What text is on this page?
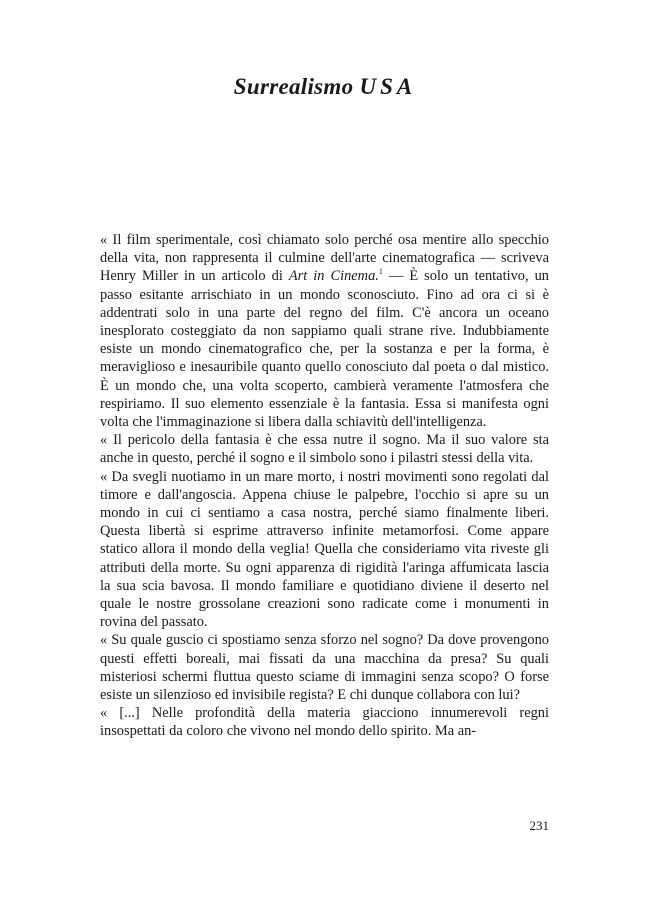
Surrealismo USA

« Il film sperimentale, così chiamato solo perché osa mentire allo specchio della vita, non rappresenta il culmine dell'arte cinematografica — scriveva Henry Miller in un articolo di Art in Cinema.$^1$ — È solo un tentativo, un passo esitante arrischiato in un mondo sconosciuto. Fino ad ora ci si è addentrati solo in una parte del regno del film. C'è ancora un oceano inesplorato costeggiato da non sappiamo quali strane rive. Indubbiamente esiste un mondo cinematografico che, per la sostanza e per la forma, è meraviglioso e inesauribile quanto quello conosciuto dal poeta o dal mistico. È un mondo che, una volta scoperto, cambierà veramente l'atmosfera che respiriamo. Il suo elemento essenziale è la fantasia. Essa si manifesta ogni volta che l'immaginazione si libera dalla schiavitù dell'intelligenza.

« Il pericolo della fantasia è che essa nutre il sogno. Ma il suo valore sta anche in questo, perché il sogno e il simbolo sono i pilastri stessi della vita.

« Da svegli nuotiamo in un mare morto, i nostri movimenti sono regolati dal timore e dall'angoscia. Appena chiuse le palpebre, l'occhio si apre su un mondo in cui ci sentiamo a casa nostra, perché siamo finalmente liberi. Questa libertà si esprime attraverso infinite metamorfosi. Come appare statico allora il mondo della veglia! Quella che consideriamo vita riveste gli attributi della morte. Su ogni apparenza di rigidità l'aringa affumicata lascia la sua scia bavosa. Il mondo familiare e quotidiano diviene il deserto nel quale le nostre grossolane creazioni sono radicate come i monumenti in rovina del passato.

« Su quale guscio ci spostiamo senza sforzo nel sogno? Da dove provengono questi effetti boreali, mai fissati da una macchina da presa? Su quali misteriosi schermi fluttua questo sciame di immagini senza scopo? O forse esiste un silenzioso ed invisibile regista? E chi dunque collabora con lui?

« [...] Nelle profondità della materia giacciono innumerevoli regni insospettati da coloro che vivono nel mondo dello spirito. Ma an-

231
